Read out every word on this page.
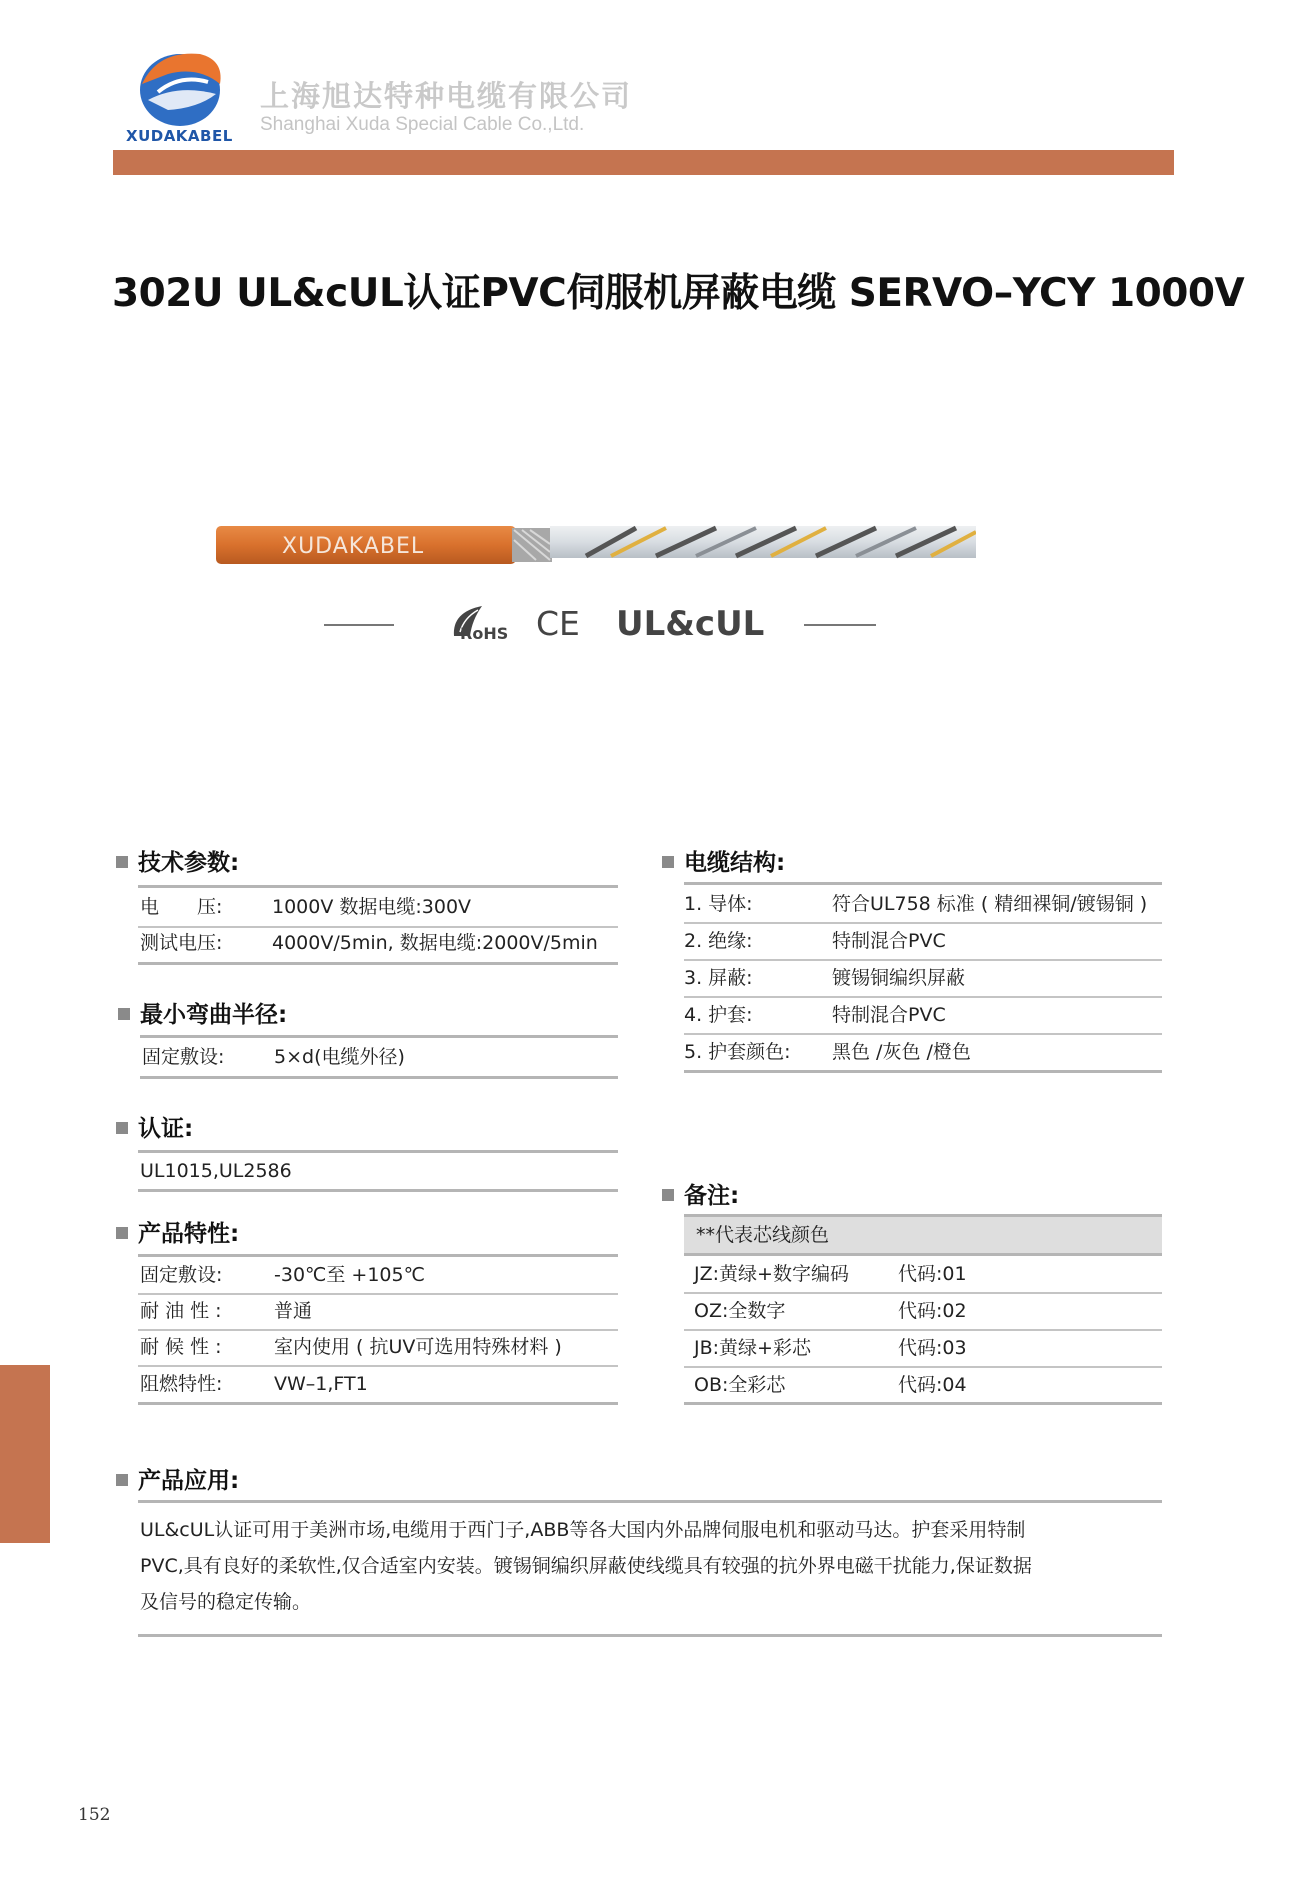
XUDAKABEL
上海旭达特种电缆有限公司
Shanghai Xuda Special Cable Co.,Ltd.
302U UL&cUL认证PVC伺服机屏蔽电缆 SERVO–YCY 1000V
XUDAKABEL
RoHS CE UL&cUL
技术参数:
电　　压:	1000V 数据电缆:300V
测试电压:	4000V/5min, 数据电缆:2000V/5min
最小弯曲半径:
固定敷设:	5×d(电缆外径)
认证:
UL1015,UL2586
产品特性:
固定敷设:	-30℃至 +105℃
耐 油 性 :	普通
耐 候 性 :	室内使用 ( 抗UV可选用特殊材料 )
阻燃特性:	VW–1,FT1
电缆结构:
1. 导体:	符合UL758 标准 ( 精细裸铜/镀锡铜 )
2. 绝缘:	特制混合PVC
3. 屏蔽:	镀锡铜编织屏蔽
4. 护套:	特制混合PVC
5. 护套颜色: 黑色 /灰色 /橙色
备注:
**代表芯线颜色
JZ:黄绿+数字编码	代码:01
OZ:全数字	代码:02
JB:黄绿+彩芯	代码:03
OB:全彩芯	代码:04
产品应用:
UL&cUL认证可用于美洲市场,电缆用于西门子,ABB等各大国内外品牌伺服电机和驱动马达。护套采用特制
PVC,具有良好的柔软性,仅合适室内安装。镀锡铜编织屏蔽使线缆具有较强的抗外界电磁干扰能力,保证数据
及信号的稳定传输。
152
